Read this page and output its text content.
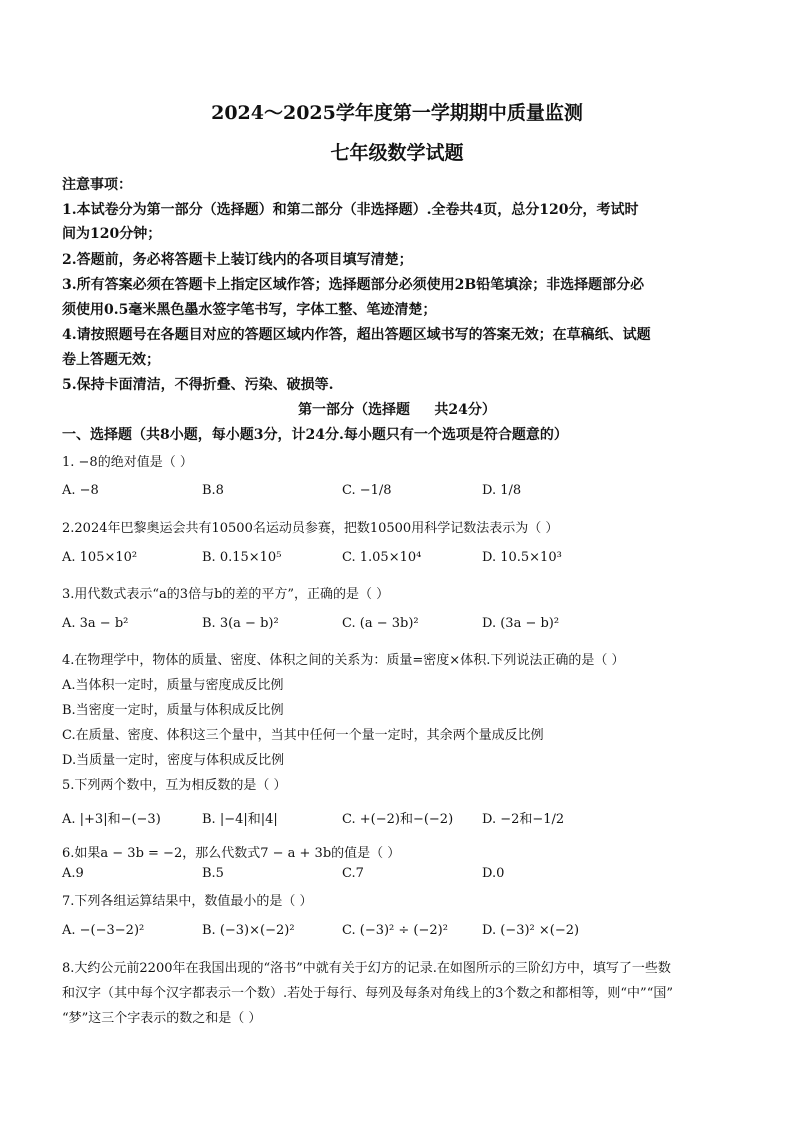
2024～2025学年度第一学期期中质量监测
七年级数学试题
注意事项：
1.本试卷分为第一部分（选择题）和第二部分（非选择题）.全卷共4页，总分120分，考试时
间为120分钟；
2.答题前，务必将答题卡上装订线内的各项目填写清楚；
3.所有答案必须在答题卡上指定区域作答；选择题部分必须使用2B铅笔填涂；非选择题部分必
须使用0.5毫米黑色墨水签字笔书写，字体工整、笔迹清楚；
4.请按照题号在各题目对应的答题区域内作答，超出答题区域书写的答案无效；在草稿纸、试题
卷上答题无效；
5.保持卡面清洁，不得折叠、污染、破损等.
第一部分（选择题     共24分）
一、选择题（共8小题，每小题3分，计24分.每小题只有一个选项是符合题意的）
1. −8的绝对值是（ ）
A. −8	B.8	C. −1/8	D. 1/8
2.2024年巴黎奥运会共有10500名运动员参赛，把数10500用科学记数法表示为（ ）
A. 105×10²	B. 0.15×10⁵	C. 1.05×10⁴	D. 10.5×10³
3.用代数式表示“a的3倍与b的差的平方”，正确的是（ ）
A. 3a − b²	B. 3(a − b)²	C. (a − 3b)²	D. (3a − b)²
4.在物理学中，物体的质量、密度、体积之间的关系为：质量=密度×体积.下列说法正确的是（ ）
A.当体积一定时，质量与密度成反比例
B.当密度一定时，质量与体积成反比例
C.在质量、密度、体积这三个量中，当其中任何一个量一定时，其余两个量成反比例
D.当质量一定时，密度与体积成反比例
5.下列两个数中，互为相反数的是（ ）
A. |+3|和−(−3)	B. |−4|和|4|	C. +(−2)和−(−2) D. −2和−1/2
6.如果a − 3b = −2，那么代数式7 − a + 3b的值是（ ）
A.9	B.5	C.7	D.0
7.下列各组运算结果中，数值最小的是（ ）
A. −(−3−2)²	B. (−3)×(−2)²	C. (−3)² ÷ (−2)²	D. (−3)² ×(−2)
8.大约公元前2200年在我国出现的“洛书”中就有关于幻方的记录.在如图所示的三阶幻方中，填写了一些数
和汉字（其中每个汉字都表示一个数）.若处于每行、每列及每条对角线上的3个数之和都相等，则“中”“国”
“梦”这三个字表示的数之和是（ ）
